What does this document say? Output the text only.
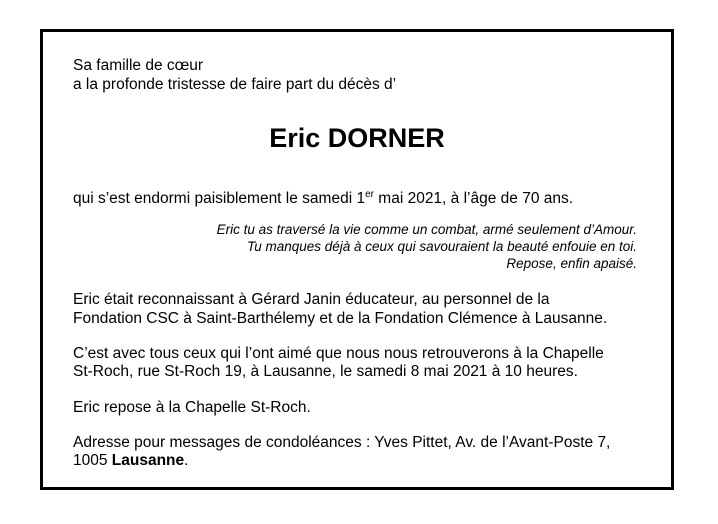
Sa famille de cœur
a la profonde tristesse de faire part du décès d’
Eric DORNER
qui s’est endormi paisiblement le samedi 1er mai 2021, à l’âge de 70 ans.
Eric tu as traversé la vie comme un combat, armé seulement d’Amour.
Tu manques déjà à ceux qui savouraient la beauté enfouie en toi.
Repose, enfin apaisé.
Eric était reconnaissant à Gérard Janin éducateur, au personnel de la
Fondation CSC à Saint-Barthélemy et de la Fondation Clémence à Lausanne.
C’est avec tous ceux qui l’ont aimé que nous nous retrouverons à la Chapelle
St-Roch, rue St-Roch 19, à Lausanne, le samedi 8 mai 2021 à 10 heures.
Eric repose à la Chapelle St-Roch.
Adresse pour messages de condoléances : Yves Pittet, Av. de l’Avant-Poste 7,
1005 Lausanne.
